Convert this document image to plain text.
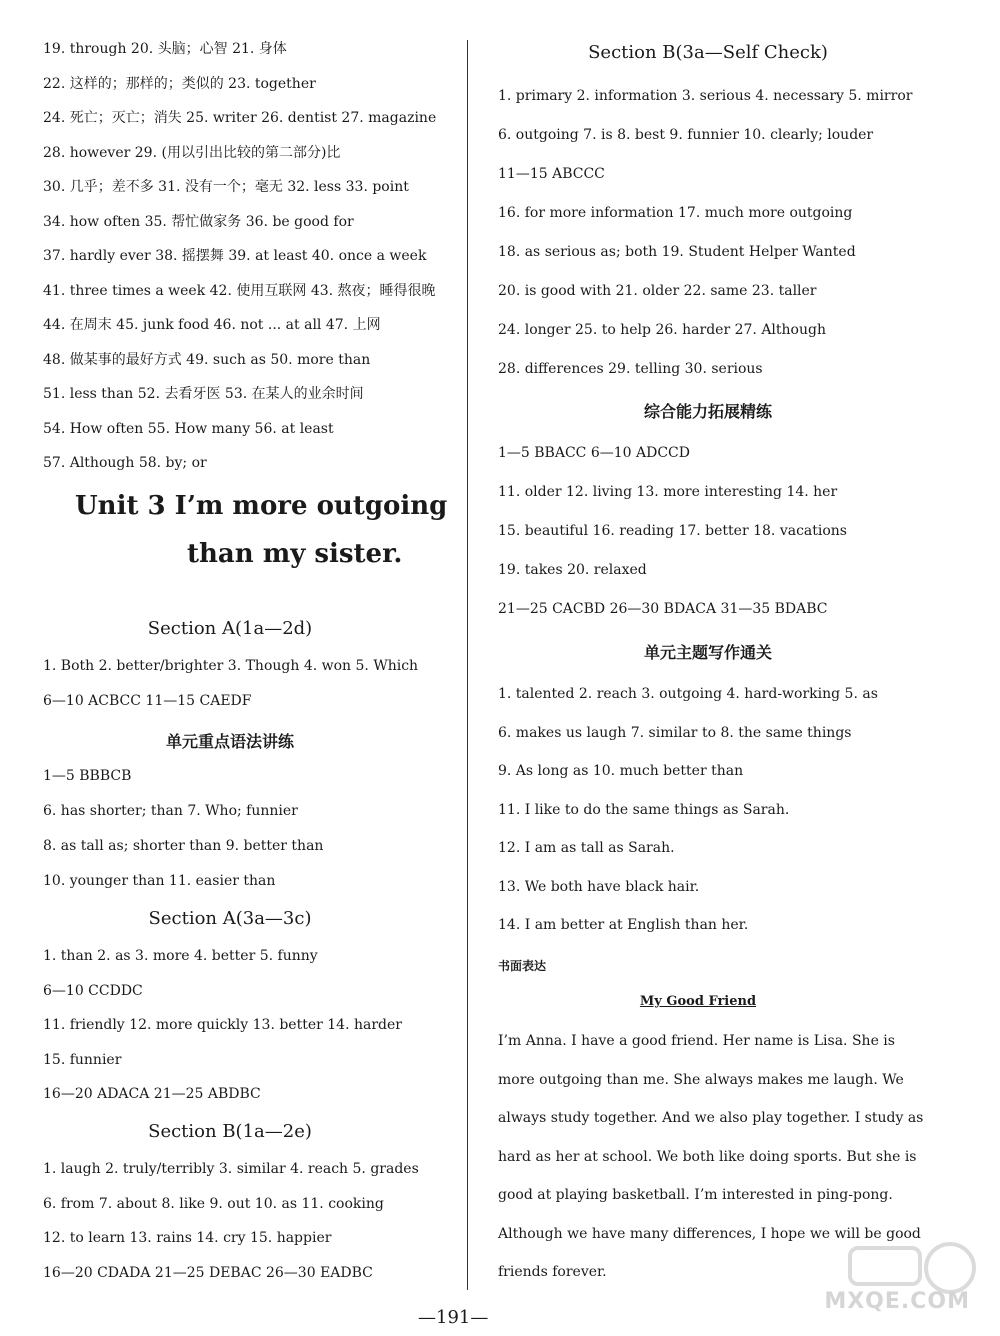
19. through 20. 头脑；心智 21. 身体
22. 这样的；那样的；类似的 23. together
24. 死亡；灭亡；消失 25. writer 26. dentist 27. magazine
28. however 29. (用以引出比较的第二部分)比
30. 几乎；差不多 31. 没有一个；毫无 32. less 33. point
34. how often 35. 帮忙做家务 36. be good for
37. hardly ever 38. 摇摆舞 39. at least 40. once a week
41. three times a week 42. 使用互联网 43. 熬夜；睡得很晚
44. 在周末 45. junk food 46. not ... at all 47. 上网
48. 做某事的最好方式 49. such as 50. more than
51. less than 52. 去看牙医 53. 在某人的业余时间
54. How often 55. How many 56. at least
57. Although 58. by; or
Unit 3 I’m more outgoing
than my sister.
Section A(1a—2d)
1. Both 2. better/brighter 3. Though 4. won 5. Which
6—10 ACBCC 11—15 CAEDF
单元重点语法讲练
1—5 BBBCB
6. has shorter; than 7. Who; funnier
8. as tall as; shorter than 9. better than
10. younger than 11. easier than
Section A(3a—3c)
1. than 2. as 3. more 4. better 5. funny
6—10 CCDDC
11. friendly 12. more quickly 13. better 14. harder
15. funnier
16—20 ADACA 21—25 ABDBC
Section B(1a—2e)
1. laugh 2. truly/terribly 3. similar 4. reach 5. grades
6. from 7. about 8. like 9. out 10. as 11. cooking
12. to learn 13. rains 14. cry 15. happier
16—20 CDADA 21—25 DEBAC 26—30 EADBC
Section B(3a—Self Check)
1. primary 2. information 3. serious 4. necessary 5. mirror
6. outgoing 7. is 8. best 9. funnier 10. clearly; louder
11—15 ABCCC
16. for more information 17. much more outgoing
18. as serious as; both 19. Student Helper Wanted
20. is good with 21. older 22. same 23. taller
24. longer 25. to help 26. harder 27. Although
28. differences 29. telling 30. serious
综合能力拓展精练
1—5 BBACC 6—10 ADCCD
11. older 12. living 13. more interesting 14. her
15. beautiful 16. reading 17. better 18. vacations
19. takes 20. relaxed
21—25 CACBD 26—30 BDACA 31—35 BDABC
单元主题写作通关
1. talented 2. reach 3. outgoing 4. hard-working 5. as
6. makes us laugh 7. similar to 8. the same things
9. As long as 10. much better than
11. I like to do the same things as Sarah.
12. I am as tall as Sarah.
13. We both have black hair.
14. I am better at English than her.
书面表达
My Good Friend
I’m Anna. I have a good friend. Her name is Lisa. She is
more outgoing than me. She always makes me laugh. We
always study together. And we also play together. I study as
hard as her at school. We both like doing sports. But she is
good at playing basketball. I’m interested in ping-pong.
Although we have many differences, I hope we will be good
friends forever.
—191—
MXQE.COM
